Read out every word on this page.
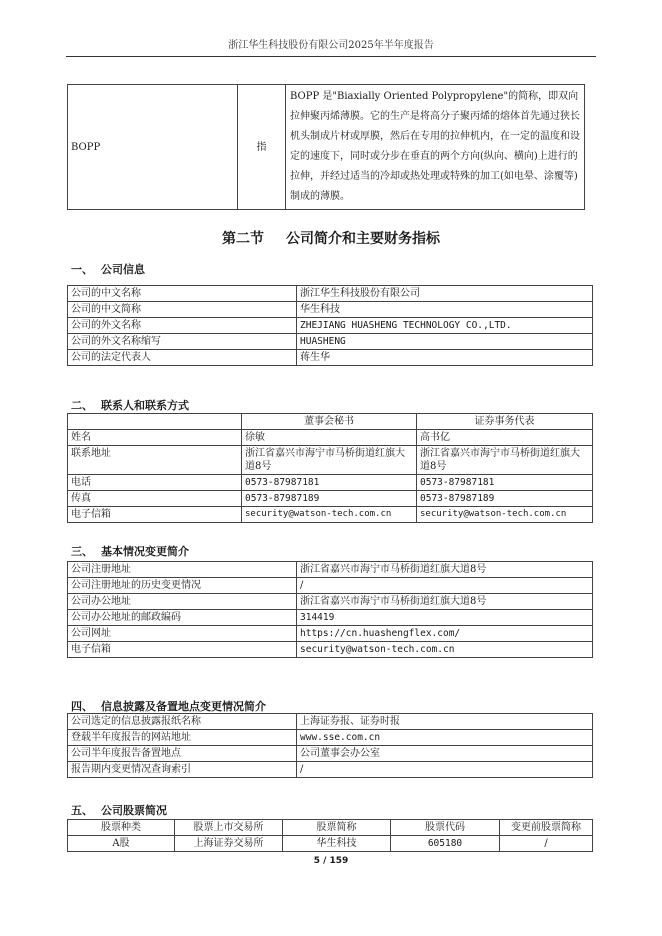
浙江华生科技股份有限公司2025年半年度报告
BOPP	指	BOPP 是"Biaxially Oriented Polypropylene"的简称，即双向拉伸聚丙烯薄膜。它的生产是将高分子聚丙烯的熔体首先通过狭长机头制成片材或厚膜，然后在专用的拉伸机内，在一定的温度和设定的速度下，同时或分步在垂直的两个方向(纵向、横向)上进行的拉伸，并经过适当的冷却或热处理或特殊的加工(如电晕、涂覆等)制成的薄膜。
第二节 公司简介和主要财务指标
一、 公司信息
公司的中文名称	浙江华生科技股份有限公司
公司的中文简称	华生科技
公司的外文名称	ZHEJIANG HUASHENG TECHNOLOGY CO.,LTD.
公司的外文名称缩写	HUASHENG
公司的法定代表人	蒋生华
二、 联系人和联系方式
	董事会秘书	证券事务代表
姓名	徐敏	高书亿
联系地址	浙江省嘉兴市海宁市马桥街道红旗大道8号	浙江省嘉兴市海宁市马桥街道红旗大道8号
电话	0573-87987181	0573-87987181
传真	0573-87987189	0573-87987189
电子信箱	security@watson-tech.com.cn	security@watson-tech.com.cn
三、 基本情况变更简介
公司注册地址	浙江省嘉兴市海宁市马桥街道红旗大道8号
公司注册地址的历史变更情况	/
公司办公地址	浙江省嘉兴市海宁市马桥街道红旗大道8号
公司办公地址的邮政编码	314419
公司网址	https://cn.huashengflex.com/
电子信箱	security@watson-tech.com.cn
四、 信息披露及备置地点变更情况简介
公司选定的信息披露报纸名称	上海证券报、证券时报
登载半年度报告的网站地址	www.sse.com.cn
公司半年度报告备置地点	公司董事会办公室
报告期内变更情况查询索引	/
五、 公司股票简况
股票种类	股票上市交易所	股票简称	股票代码	变更前股票简称
A股	上海证券交易所	华生科技	605180	/
5 / 159
